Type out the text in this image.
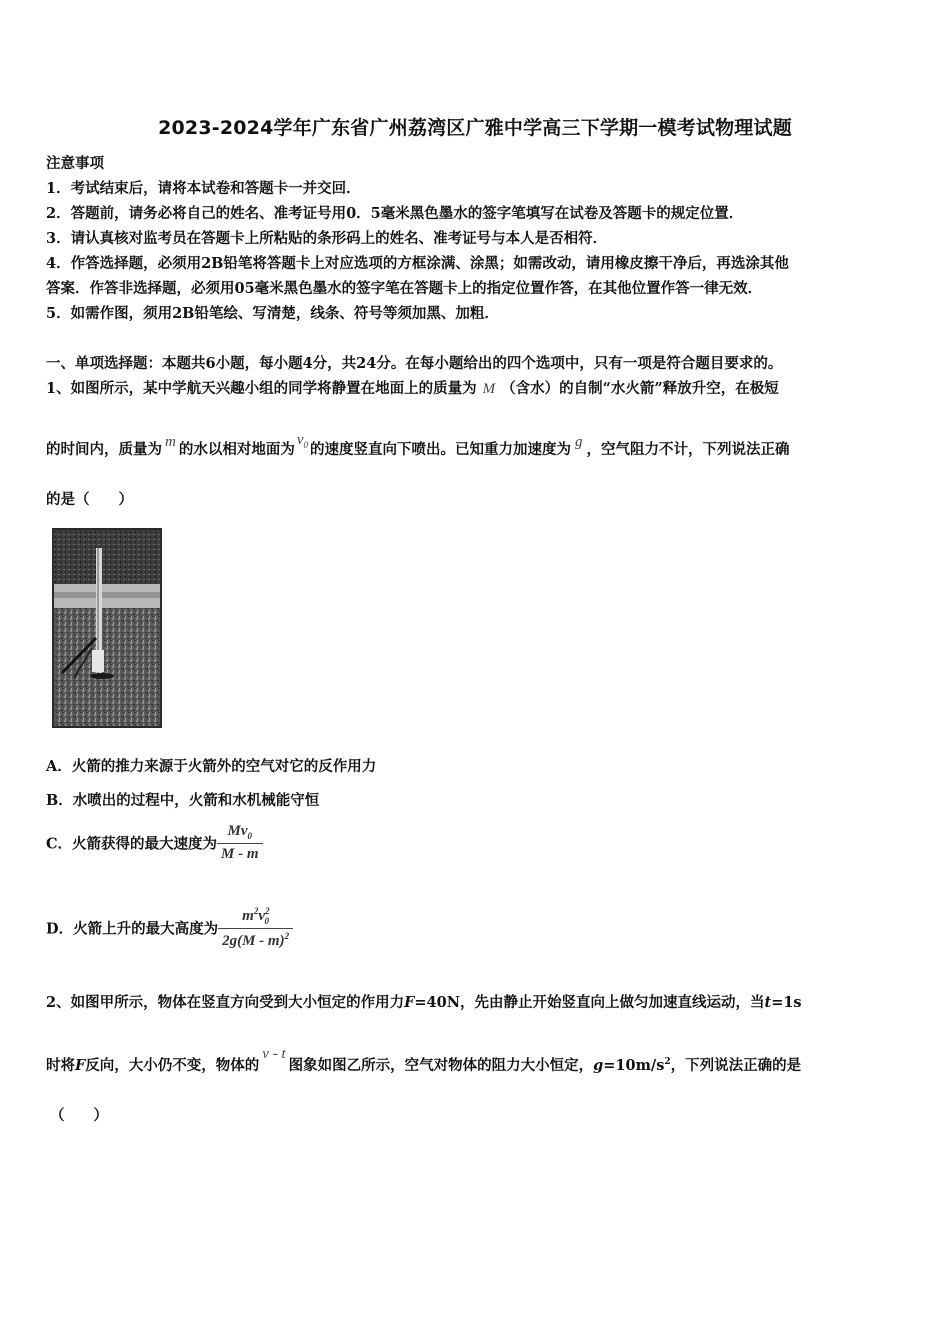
2023-2024学年广东省广州荔湾区广雅中学高三下学期一模考试物理试题
注意事项
1．考试结束后，请将本试卷和答题卡一并交回．
2．答题前，请务必将自己的姓名、准考证号用0．5毫米黑色墨水的签字笔填写在试卷及答题卡的规定位置．
3．请认真核对监考员在答题卡上所粘贴的条形码上的姓名、准考证号与本人是否相符．
4．作答选择题，必须用2B铅笔将答题卡上对应选项的方框涂满、涂黑；如需改动，请用橡皮擦干净后，再选涂其他
答案．作答非选择题，必须用05毫米黑色墨水的签字笔在答题卡上的指定位置作答，在其他位置作答一律无效．
5．如需作图，须用2B铅笔绘、写清楚，线条、符号等须加黑、加粗．
一、单项选择题：本题共6小题，每小题4分，共24分。在每小题给出的四个选项中，只有一项是符合题目要求的。
1、如图所示，某中学航天兴趣小组的同学将静置在地面上的质量为 M （含水）的自制“水火箭”释放升空，在极短
的时间内，质量为 m 的水以相对地面为$v_0$ 的速度竖直向下喷出。已知重力加速度为 g ，空气阻力不计，下列说法正确
的是（　　）
A．火箭的推力来源于火箭外的空气对它的反作用力
B．水喷出的过程中，火箭和水机械能守恒
C．火箭获得的最大速度为 $\frac{Mv_0}{M - m}$
D．火箭上升的最大高度为 $\frac{m^2v^2_0}{2g(M - m)^2}$
2、如图甲所示，物体在竖直方向受到大小恒定的作用力F=40N，先由静止开始竖直向上做匀加速直线运动，当t=1s
时将F反向，大小仍不变，物体的v - t图象如图乙所示，空气对物体的阻力大小恒定，$g=10m/s^2$，下列说法正确的是
（　　）
